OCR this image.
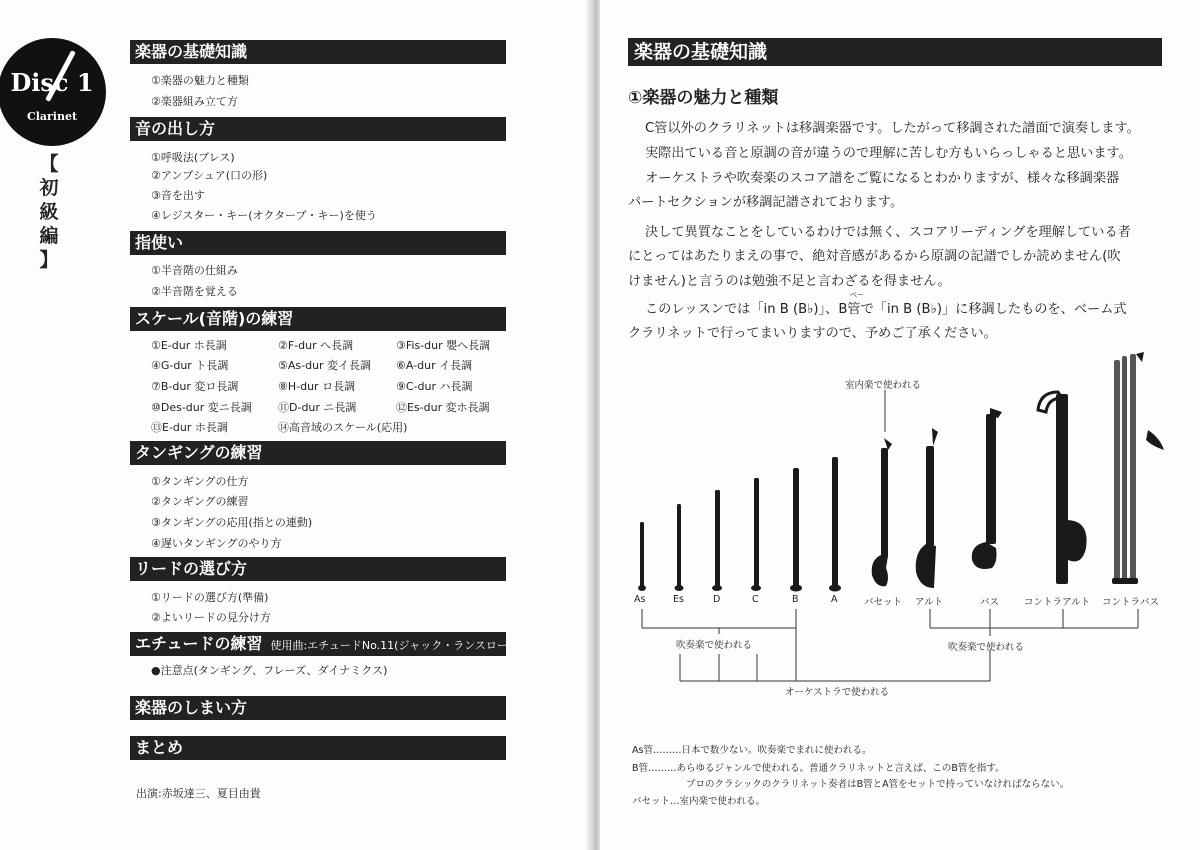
Disc 1
Clarinet
【
初
級
編
】
楽器の基礎知識
①楽器の魅力と種類
②楽器組み立て方
音の出し方
①呼吸法(ブレス)
②アンブシュア(口の形)
③音を出す
④レジスター・キー(オクターブ・キー)を使う
指使い
①半音階の仕組み
②半音階を覚える
スケール(音階)の練習
①E-dur ホ長調	②F-dur へ長調	③Fis-dur 嬰へ長調
④G-dur ト長調	⑤As-dur 変イ長調 ⑥A-dur イ長調
⑦B-dur 変ロ長調	⑧H-dur ロ長調	⑨C-dur ハ長調
⑩Des-dur 変ニ長調 ⑪D-dur ニ長調	⑫Es-dur 変ホ長調
⑬E-dur ホ長調	⑭高音域のスケール(応用)
タンギングの練習
①タンギングの仕方
②タンギングの練習
③タンギングの応用(指との連動)
④遅いタンギングのやり方
リードの選び方
①リードの選び方(準備)
②よいリードの見分け方
エチュードの練習 使用曲:エチュードNo.11(ジャック・ランスロー)
●注意点(タンギング、フレーズ、ダイナミクス)
楽器のしまい方
まとめ
出演:赤坂達三、夏目由貴
楽器の基礎知識
①楽器の魅力と種類
C管以外のクラリネットは移調楽器です。したがって移調された譜面で演奏します。
実際出ている音と原調の音が違うので理解に苦しむ方もいらっしゃると思います。
オーケストラや吹奏楽のスコア譜をご覧になるとわかりますが、様々な移調楽器
パートセクションが移調記譜されております。
決して異質なことをしているわけでは無く、スコアリーディングを理解している者
にとってはあたりまえの事で、絶対音感があるから原調の記譜でしか読めません(吹
けません)と言うのは勉強不足と言わざるを得ません。
べー
このレッスンでは「in B (B♭)」、B管で「in B (B♭)」に移調したものを、ベーム式
クラリネットで行ってまいりますので、予めご了承ください。
As	Es	D	C	B	A	バセット アルト	バス	コントラアルト コントラバス
室内楽で使われる
吹奏楽で使われる	吹奏楽で使われる
オーケストラで使われる
As管………日本で数少ない。吹奏楽でまれに使われる。
B管………あらゆるジャンルで使われる。普通クラリネットと言えば、このB管を指す。
プロのクラシックのクラリネット奏者はB管とA管をセットで持っていなければならない。
バセット…室内楽で使われる。
